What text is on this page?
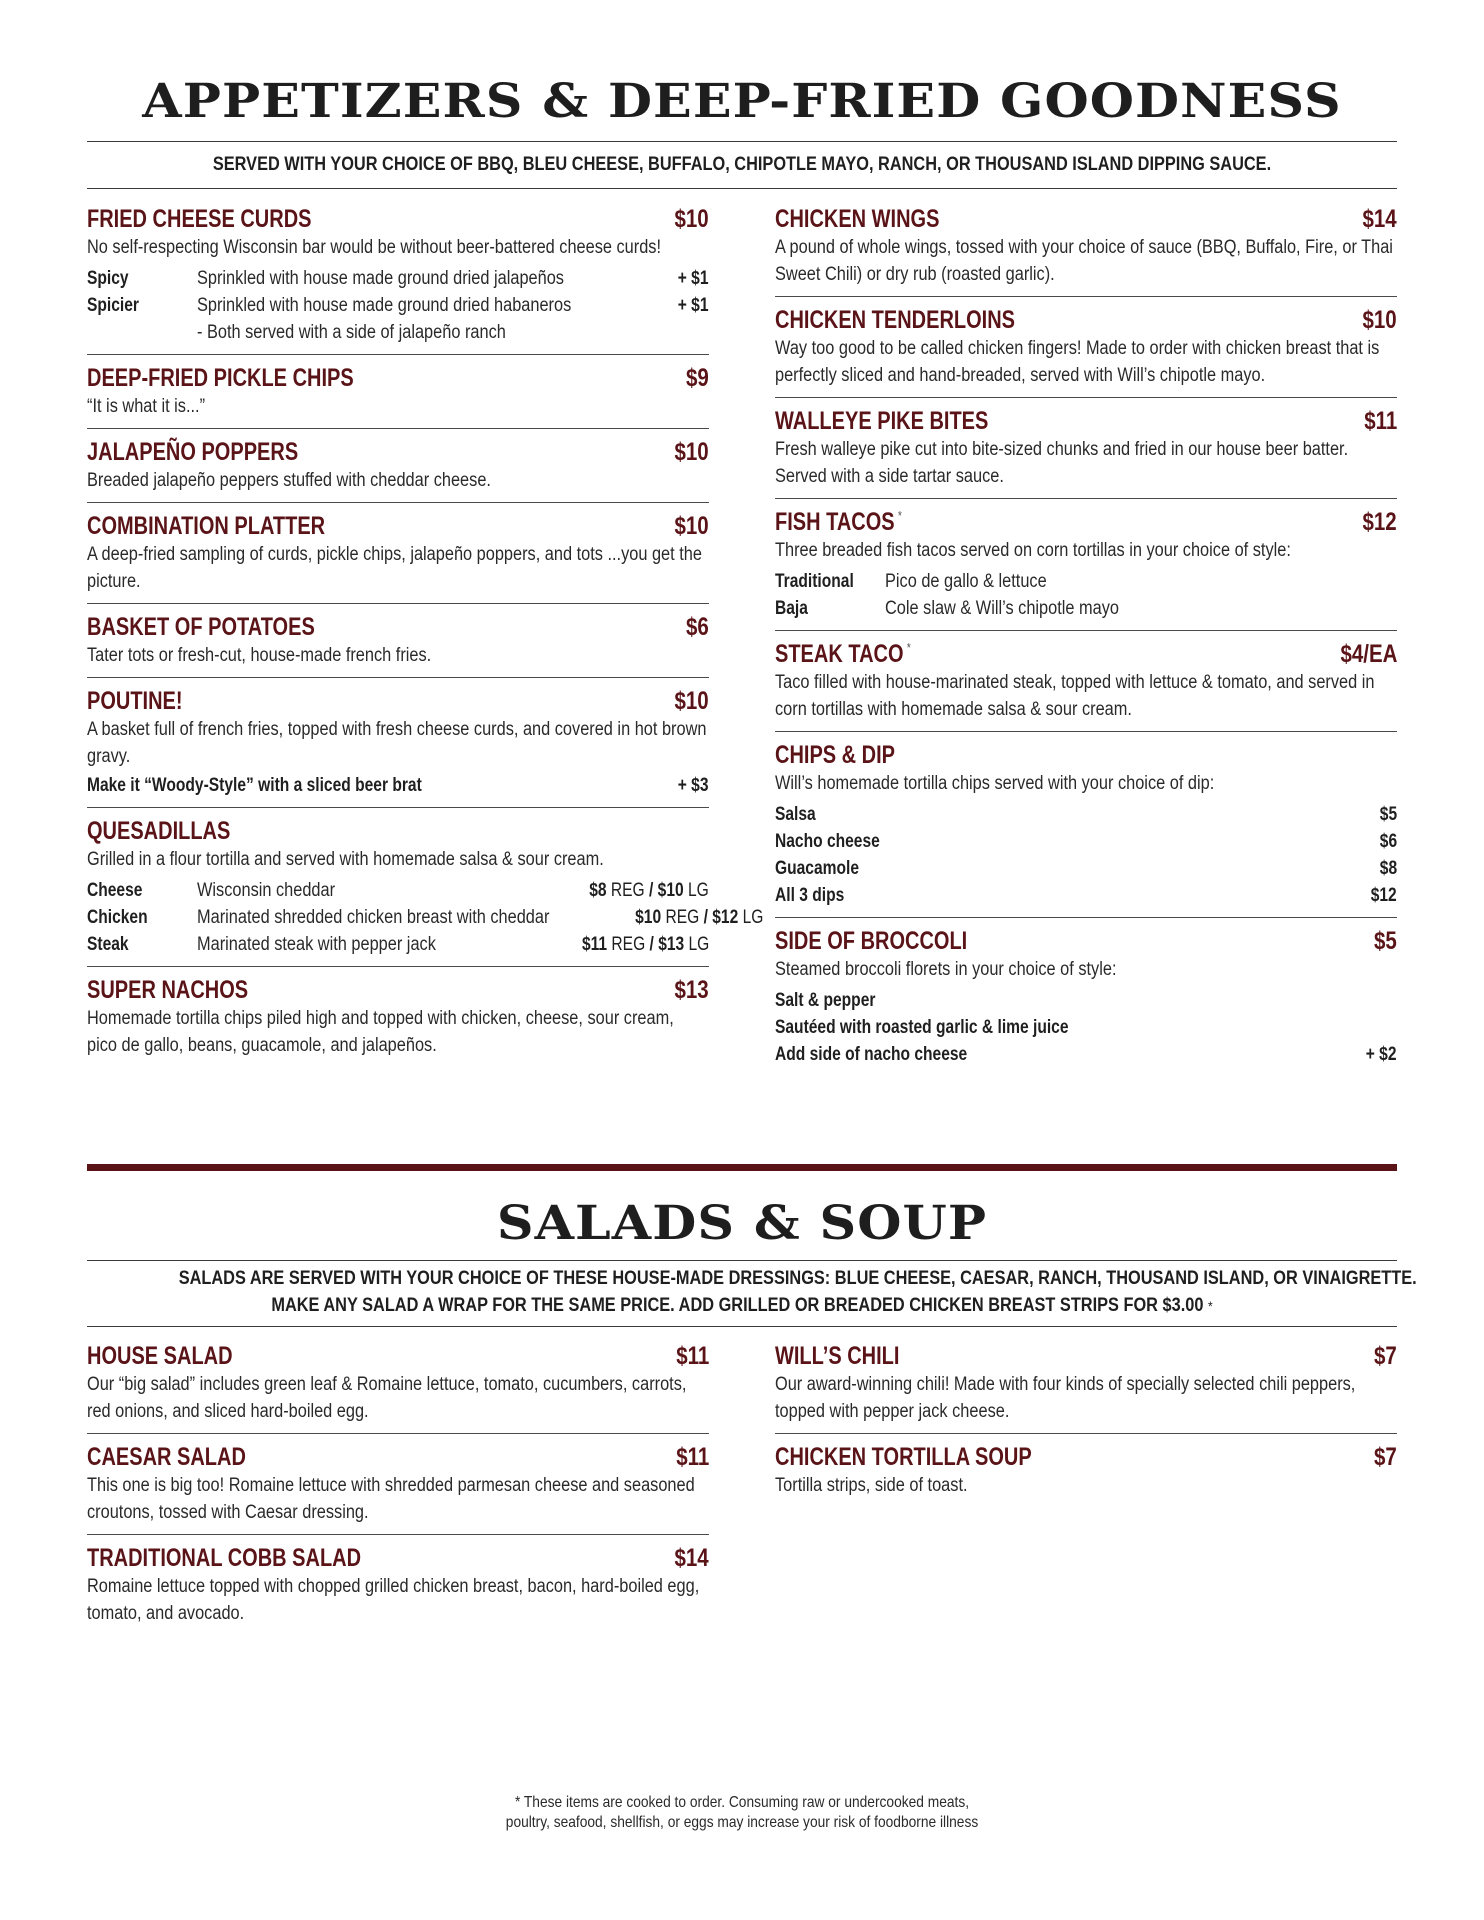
APPETIZERS & DEEP-FRIED GOODNESS
SERVED WITH YOUR CHOICE OF BBQ, BLEU CHEESE, BUFFALO, CHIPOTLE MAYO, RANCH, OR THOUSAND ISLAND DIPPING SAUCE.
FRIED CHEESE CURDS	$10
No self-respecting Wisconsin bar would be without beer-battered cheese curds!
Spicy	Sprinkled with house made ground dried jalapeños	+ $1
Spicier	Sprinkled with house made ground dried habaneros	+ $1
- Both served with a side of jalapeño ranch
DEEP-FRIED PICKLE CHIPS	$9
“It is what it is...”
JALAPEÑO POPPERS	$10
Breaded jalapeño peppers stuffed with cheddar cheese.
COMBINATION PLATTER	$10
A deep-fried sampling of curds, pickle chips, jalapeño poppers, and tots ...you get the picture.
BASKET OF POTATOES	$6
Tater tots or fresh-cut, house-made french fries.
POUTINE!	$10
A basket full of french fries, topped with fresh cheese curds, and covered in hot brown gravy.
Make it “Woody-Style” with a sliced beer brat	+ $3
QUESADILLAS
Grilled in a flour tortilla and served with homemade salsa & sour cream.
Cheese	Wisconsin cheddar	$8 REG / $10 LG
Chicken	Marinated shredded chicken breast with cheddar	$10 REG / $12 LG
Steak	Marinated steak with pepper jack	$11 REG / $13 LG
SUPER NACHOS	$13
Homemade tortilla chips piled high and topped with chicken, cheese, sour cream, pico de gallo, beans, guacamole, and jalapeños.
CHICKEN WINGS	$14
A pound of whole wings, tossed with your choice of sauce (BBQ, Buffalo, Fire, or Thai Sweet Chili) or dry rub (roasted garlic).
CHICKEN TENDERLOINS	$10
Way too good to be called chicken fingers! Made to order with chicken breast that is perfectly sliced and hand-breaded, served with Will’s chipotle mayo.
WALLEYE PIKE BITES	$11
Fresh walleye pike cut into bite-sized chunks and fried in our house beer batter. Served with a side tartar sauce.
FISH TACOS *	$12
Three breaded fish tacos served on corn tortillas in your choice of style:
Traditional	Pico de gallo & lettuce
Baja	Cole slaw & Will’s chipotle mayo
STEAK TACO *	$4/EA
Taco filled with house-marinated steak, topped with lettuce & tomato, and served in corn tortillas with homemade salsa & sour cream.
CHIPS & DIP
Will’s homemade tortilla chips served with your choice of dip:
Salsa	$5
Nacho cheese	$6
Guacamole	$8
All 3 dips	$12
SIDE OF BROCCOLI	$5
Steamed broccoli florets in your choice of style:
Salt & pepper
Sautéed with roasted garlic & lime juice
Add side of nacho cheese	+ $2
SALADS & SOUP
SALADS ARE SERVED WITH YOUR CHOICE OF THESE HOUSE-MADE DRESSINGS: BLUE CHEESE, CAESAR, RANCH, THOUSAND ISLAND, OR VINAIGRETTE.
MAKE ANY SALAD A WRAP FOR THE SAME PRICE. ADD GRILLED OR BREADED CHICKEN BREAST STRIPS FOR $3.00 *
HOUSE SALAD	$11
Our “big salad” includes green leaf & Romaine lettuce, tomato, cucumbers, carrots, red onions, and sliced hard-boiled egg.
CAESAR SALAD	$11
This one is big too! Romaine lettuce with shredded parmesan cheese and seasoned croutons, tossed with Caesar dressing.
TRADITIONAL COBB SALAD	$14
Romaine lettuce topped with chopped grilled chicken breast, bacon, hard-boiled egg, tomato, and avocado.
WILL’S CHILI	$7
Our award-winning chili! Made with four kinds of specially selected chili peppers, topped with pepper jack cheese.
CHICKEN TORTILLA SOUP	$7
Tortilla strips, side of toast.
* These items are cooked to order. Consuming raw or undercooked meats,
poultry, seafood, shellfish, or eggs may increase your risk of foodborne illness
